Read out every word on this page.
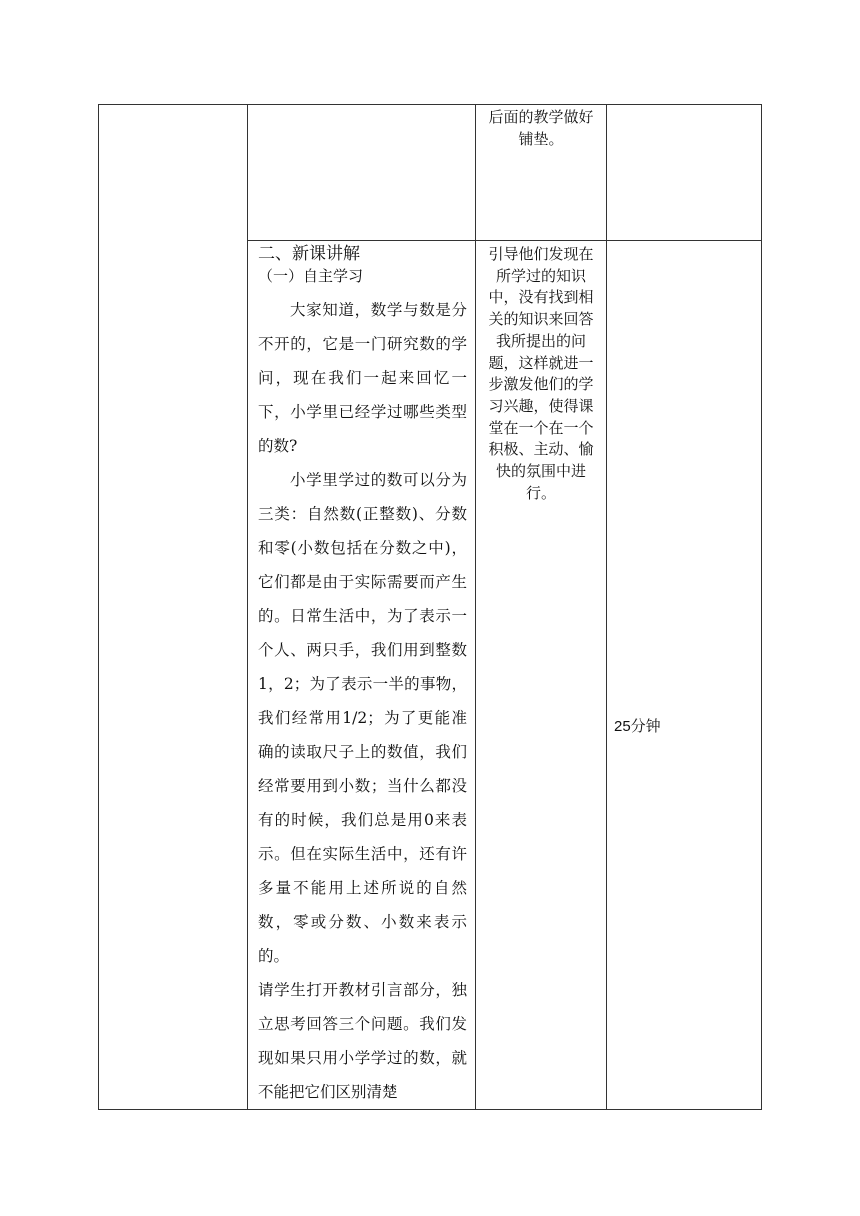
		后面的教学做好铺垫。	

	二、新课讲解

（一）自主学习

大家知道，数学与数是分不开的，它是一门研究数的学问，现在我们一起来回忆一下，小学里已经学过哪些类型的数?

小学里学过的数可以分为三类：自然数(正整数)、分数和零(小数包括在分数之中)，它们都是由于实际需要而产生的。日常生活中，为了表示一个人、两只手，我们用到整数1，2；为了表示一半的事物，我们经常用1/2；为了更能准确的读取尺子上的数值，我们经常要用到小数；当什么都没有的时候，我们总是用0来表示。但在实际生活中，还有许多量不能用上述所说的自然数，零或分数、小数来表示的。

请学生打开教材引言部分，独立思考回答三个问题。我们发现如果只用小学学过的数，就不能把它们区别清楚	引导他们发现在所学过的知识中，没有找到相关的知识来回答我所提出的问题，这样就进一步激发他们的学习兴趣，使得课堂在一个在一个积极、主动、愉快的氛围中进行。	25分钟
